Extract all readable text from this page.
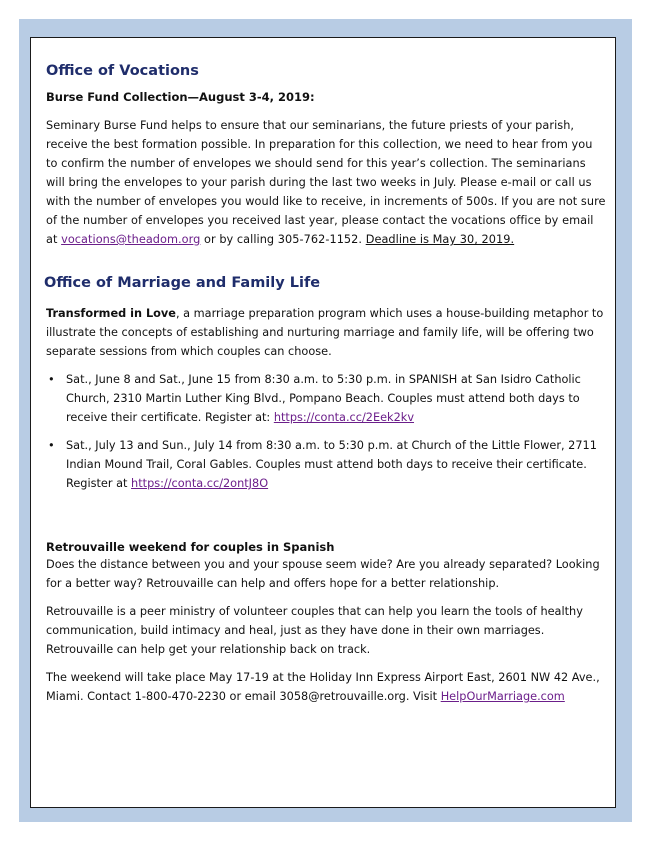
Office of Vocations
Burse Fund Collection—August 3-4, 2019:

Seminary Burse Fund helps to ensure that our seminarians, the future priests of your parish, receive the best formation possible. In preparation for this collection, we need to hear from you to confirm the number of envelopes we should send for this year’s collection. The seminarians will bring the envelopes to your parish during the last two weeks in July. Please e-mail or call us with the number of envelopes you would like to receive, in increments of 500s. If you are not sure of the number of envelopes you received last year, please contact the vocations office by email at vocations@theadom.org or by calling 305-762-1152. Deadline is May 30, 2019.

Office of Marriage and Family Life

Transformed in Love, a marriage preparation program which uses a house-building metaphor to illustrate the concepts of establishing and nurturing marriage and family life, will be offering two separate sessions from which couples can choose.

• Sat., June 8 and Sat., June 15 from 8:30 a.m. to 5:30 p.m. in SPANISH at San Isidro Catholic Church, 2310 Martin Luther King Blvd., Pompano Beach. Couples must attend both days to receive their certificate. Register at: https://conta.cc/2Eek2kv
• Sat., July 13 and Sun., July 14 from 8:30 a.m. to 5:30 p.m. at Church of the Little Flower, 2711 Indian Mound Trail, Coral Gables. Couples must attend both days to receive their certificate. Register at https://conta.cc/2ontJ8O
Retrouvaille weekend for couples in Spanish

Does the distance between you and your spouse seem wide? Are you already separated? Looking for a better way? Retrouvaille can help and offers hope for a better relationship.

Retrouvaille is a peer ministry of volunteer couples that can help you learn the tools of healthy communication, build intimacy and heal, just as they have done in their own marriages. Retrouvaille can help get your relationship back on track.

The weekend will take place May 17-19 at the Holiday Inn Express Airport East, 2601 NW 42 Ave., Miami. Contact 1-800-470-2230 or email 3058@retrouvaille.org. Visit HelpOurMarriage.com
